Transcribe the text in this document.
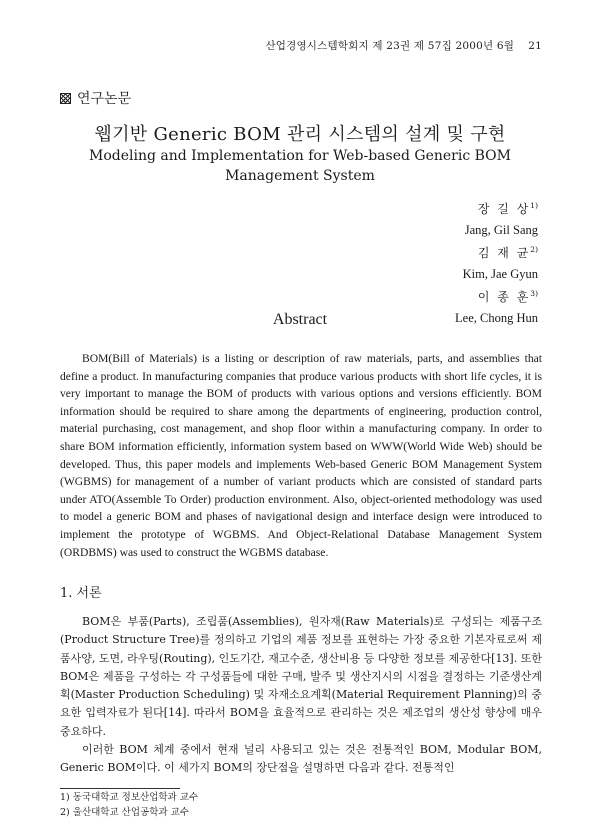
산업경영시스템학회지 제 23권 제 57집 2000년 6월 21
연구논문
웹기반 Generic BOM 관리 시스템의 설계 및 구현
Modeling and Implementation for Web-based Generic BOM
Management System
장 길 상$^{1)}$
Jang, Gil Sang
김 재 균$^{2)}$
Kim, Jae Gyun
이 종 훈$^{3)}$
Lee, Chong Hun
Abstract
BOM(Bill of Materials) is a listing or description of raw materials, parts, and assemblies that define a product. In manufacturing companies that produce various products with short life cycles, it is very important to manage the BOM of products with various options and versions efficiently. BOM information should be required to share among the departments of engineering, production control, material purchasing, cost management, and shop floor within a manufacturing company. In order to share BOM information efficiently, information system based on WWW(World Wide Web) should be developed. Thus, this paper models and implements Web-based Generic BOM Management System (WGBMS) for management of a number of variant products which are consisted of standard parts under ATO(Assemble To Order) production environment. Also, object-oriented methodology was used to model a generic BOM and phases of navigational design and interface design were introduced to implement the prototype of WGBMS. And Object-Relational Database Management System (ORDBMS) was used to construct the WGBMS database.
1. 서론

BOM은 부품(Parts), 조립품(Assemblies), 원자재(Raw Materials)로 구성되는 제품구조(Product Structure Tree)를 정의하고 기업의 제품 정보를 표현하는 가장 중요한 기본자료로써 제품사양, 도면, 라우팅(Routing), 인도기간, 재고수준, 생산비용 등 다양한 정보를 제공한다[13]. 또한 BOM은 제품을 구성하는 각 구성품들에 대한 구매, 발주 및 생산지시의 시점을 결정하는 기준생산계획(Master Production Scheduling) 및 자재소요계획(Material Requirement Planning)의 중요한 입력자료가 된다[14]. 따라서 BOM을 효율적으로 관리하는 것은 제조업의 생산성 향상에 매우 중요하다.

이러한 BOM 체계 중에서 현재 널리 사용되고 있는 것은 전통적인 BOM, Modular BOM, Generic BOM이다. 이 세가지 BOM의 장단점을 설명하면 다음과 같다. 전통적인

1) 동국대학교 정보산업학과 교수
2) 울산대학교 산업공학과 교수
